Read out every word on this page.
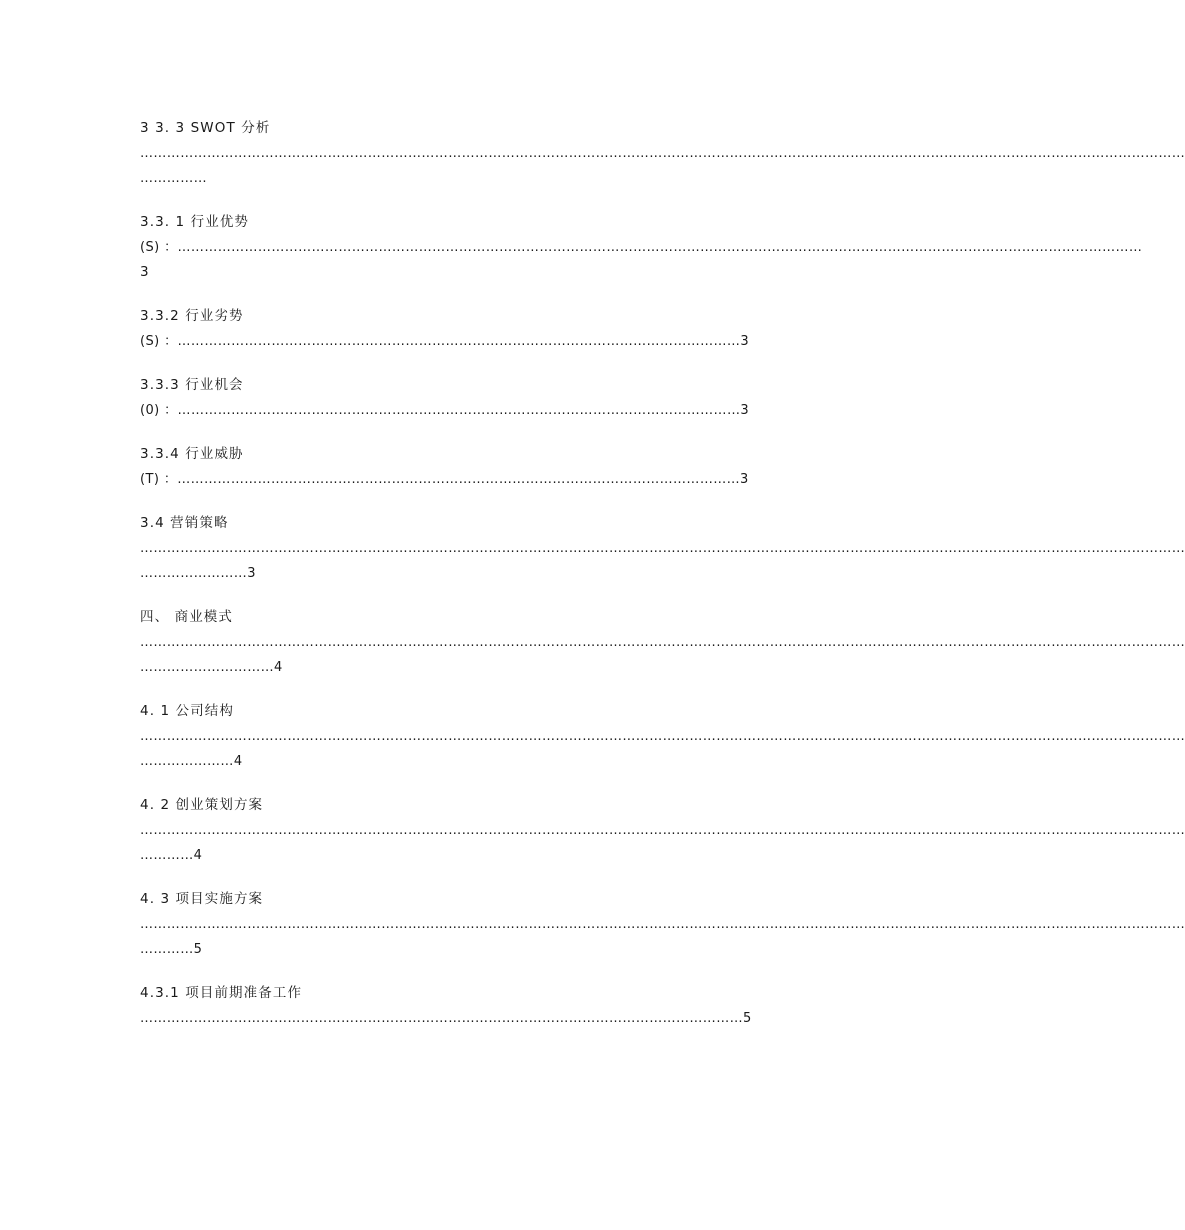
3 3. 3 SWOT 分析
………………………………………………………………………………………………………………………………………………………………………………………………………………
……………
3.3. 1 行业优势
(S) ：………………………………………………………………………………………………………………………………………………………………………………………………
3
3.3.2 行业劣势
(S) ：………………………………………………………………………………………………………………3
3.3.3 行业机会
(0) ：………………………………………………………………………………………………………………3
3.3.4 行业威胁
(T) ：………………………………………………………………………………………………………………3
3.4 营销策略
………………………………………………………………………………………………………………………………………………………………………………………………………………
……………………3
四、 商业模式
………………………………………………………………………………………………………………………………………………………………………………………………………………
…………………………4
4. 1 公司结构
………………………………………………………………………………………………………………………………………………………………………………………………………………
…………………4
4. 2 创业策划方案
………………………………………………………………………………………………………………………………………………………………………………………………………………
…………4
4. 3 项目实施方案
………………………………………………………………………………………………………………………………………………………………………………………………………………
…………5
4.3.1 项目前期准备工作
………………………………………………………………………………………………………………………5
